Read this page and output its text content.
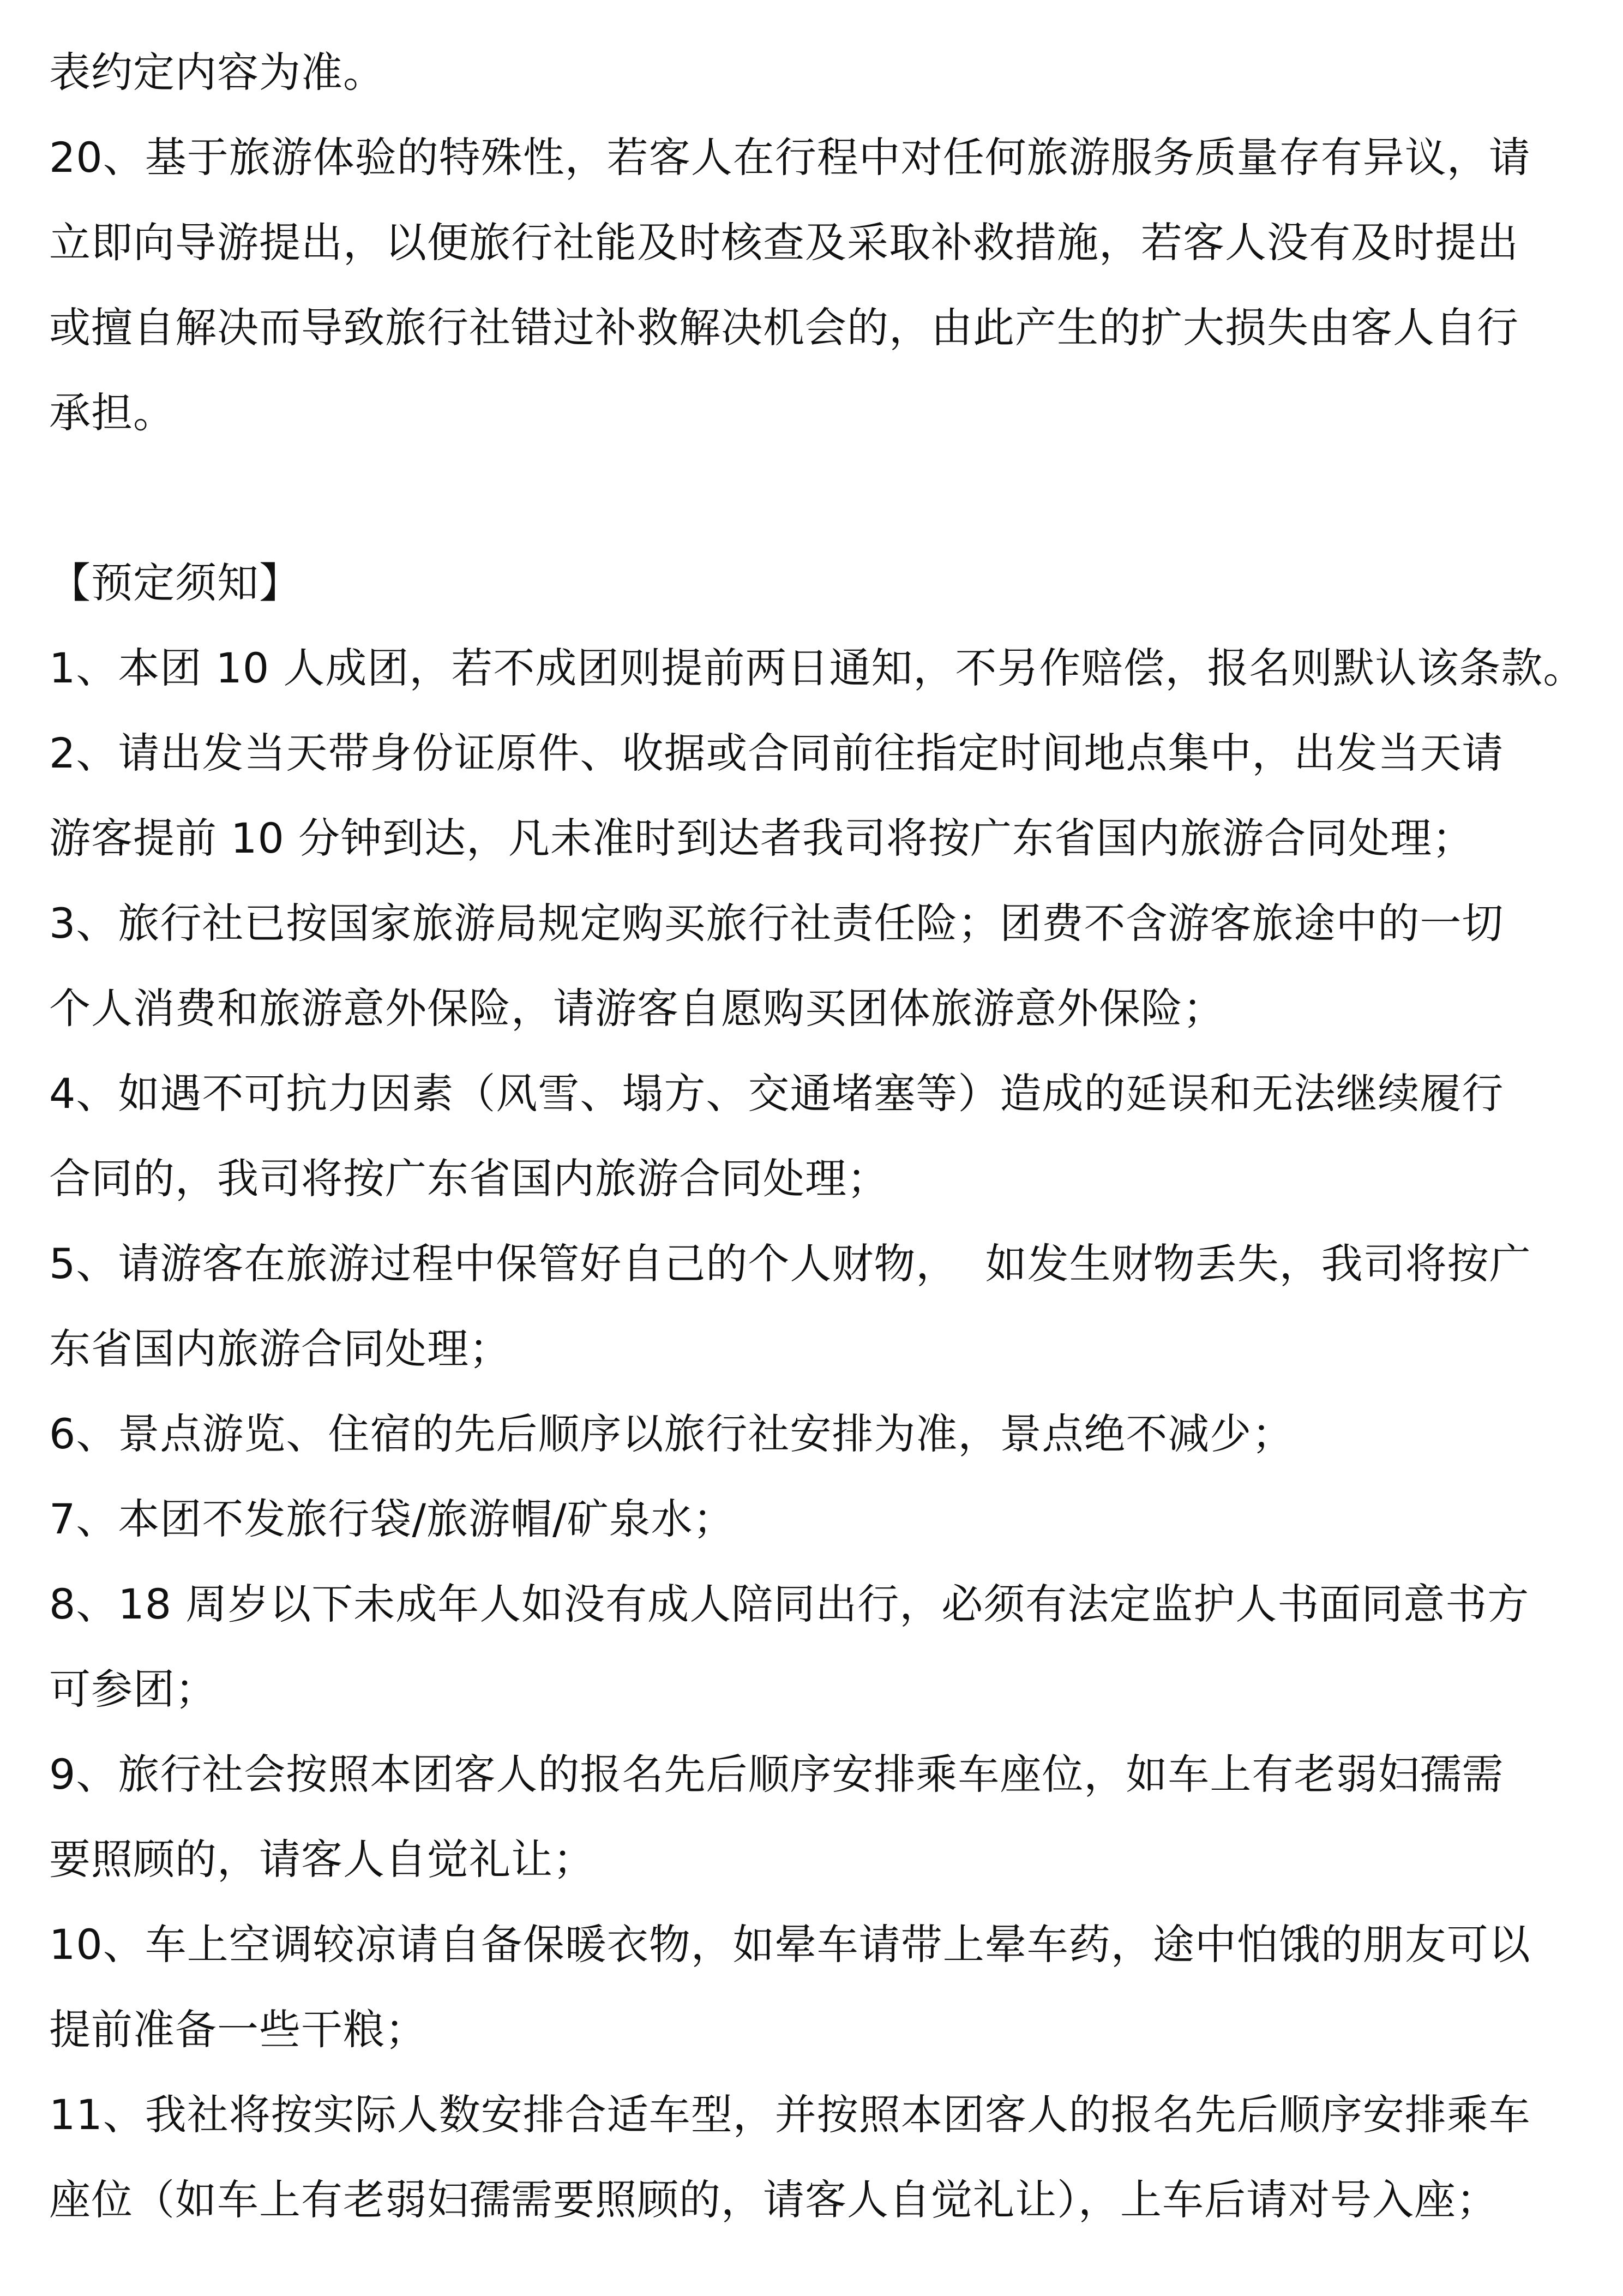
表约定内容为准。
20、基于旅游体验的特殊性，若客人在行程中对任何旅游服务质量存有异议，请
立即向导游提出，以便旅行社能及时核查及采取补救措施，若客人没有及时提出
或擅自解决而导致旅行社错过补救解决机会的，由此产生的扩大损失由客人自行
承担。
【预定须知】
1、本团 10 人成团，若不成团则提前两日通知，不另作赔偿，报名则默认该条款。
2、请出发当天带身份证原件、收据或合同前往指定时间地点集中，出发当天请
游客提前 10 分钟到达，凡未准时到达者我司将按广东省国内旅游合同处理；
3、旅行社已按国家旅游局规定购买旅行社责任险；团费不含游客旅途中的一切
个人消费和旅游意外保险，请游客自愿购买团体旅游意外保险；
4、如遇不可抗力因素（风雪、塌方、交通堵塞等）造成的延误和无法继续履行
合同的，我司将按广东省国内旅游合同处理；
5、请游客在旅游过程中保管好自己的个人财物，  如发生财物丢失，我司将按广
东省国内旅游合同处理；
6、景点游览、住宿的先后顺序以旅行社安排为准，景点绝不减少；
7、本团不发旅行袋/旅游帽/矿泉水；
8、18 周岁以下未成年人如没有成人陪同出行，必须有法定监护人书面同意书方
可参团；
9、旅行社会按照本团客人的报名先后顺序安排乘车座位，如车上有老弱妇孺需
要照顾的，请客人自觉礼让；
10、车上空调较凉请自备保暖衣物，如晕车请带上晕车药，途中怕饿的朋友可以
提前准备一些干粮；
11、我社将按实际人数安排合适车型，并按照本团客人的报名先后顺序安排乘车
座位（如车上有老弱妇孺需要照顾的，请客人自觉礼让），上车后请对号入座；
